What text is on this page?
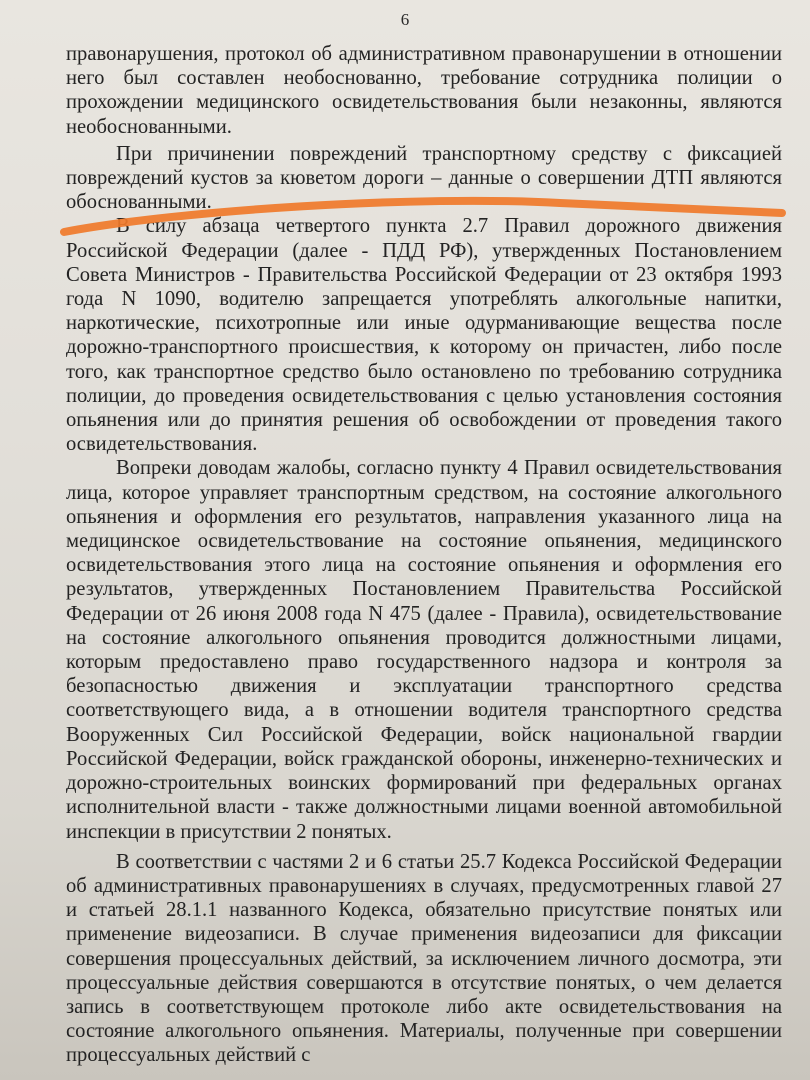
6

правонарушения, протокол об административном правонарушении в отношении него был составлен необоснованно, требование сотрудника полиции о прохождении медицинского освидетельствования были незаконны, являются необоснованными.

При причинении повреждений транспортному средству с фиксацией повреждений кустов за кюветом дороги – данные о совершении ДТП являются обоснованными.

В силу абзаца четвертого пункта 2.7 Правил дорожного движения Российской Федерации (далее - ПДД РФ), утвержденных Постановлением Совета Министров - Правительства Российской Федерации от 23 октября 1993 года N 1090, водителю запрещается употреблять алкогольные напитки, наркотические, психотропные или иные одурманивающие вещества после дорожно-транспортного происшествия, к которому он причастен, либо после того, как транспортное средство было остановлено по требованию сотрудника полиции, до проведения освидетельствования с целью установления состояния опьянения или до принятия решения об освобождении от проведения такого освидетельствования.

Вопреки доводам жалобы, согласно пункту 4 Правил освидетельствования лица, которое управляет транспортным средством, на состояние алкогольного опьянения и оформления его результатов, направления указанного лица на медицинское освидетельствование на состояние опьянения, медицинского освидетельствования этого лица на состояние опьянения и оформления его результатов, утвержденных Постановлением Правительства Российской Федерации от 26 июня 2008 года N 475 (далее - Правила), освидетельствование на состояние алкогольного опьянения проводится должностными лицами, которым предоставлено право государственного надзора и контроля за безопасностью движения и эксплуатации транспортного средства соответствующего вида, а в отношении водителя транспортного средства Вооруженных Сил Российской Федерации, войск национальной гвардии Российской Федерации, войск гражданской обороны, инженерно-технических и дорожно-строительных воинских формирований при федеральных органах исполнительной власти - также должностными лицами военной автомобильной инспекции в присутствии 2 понятых.

В соответствии с частями 2 и 6 статьи 25.7 Кодекса Российской Федерации об административных правонарушениях в случаях, предусмотренных главой 27 и статьей 28.1.1 названного Кодекса, обязательно присутствие понятых или применение видеозаписи. В случае применения видеозаписи для фиксации совершения процессуальных действий, за исключением личного досмотра, эти процессуальные действия совершаются в отсутствие понятых, о чем делается запись в соответствующем протоколе либо акте освидетельствования на состояние алкогольного опьянения. Материалы, полученные при совершении процессуальных действий с
